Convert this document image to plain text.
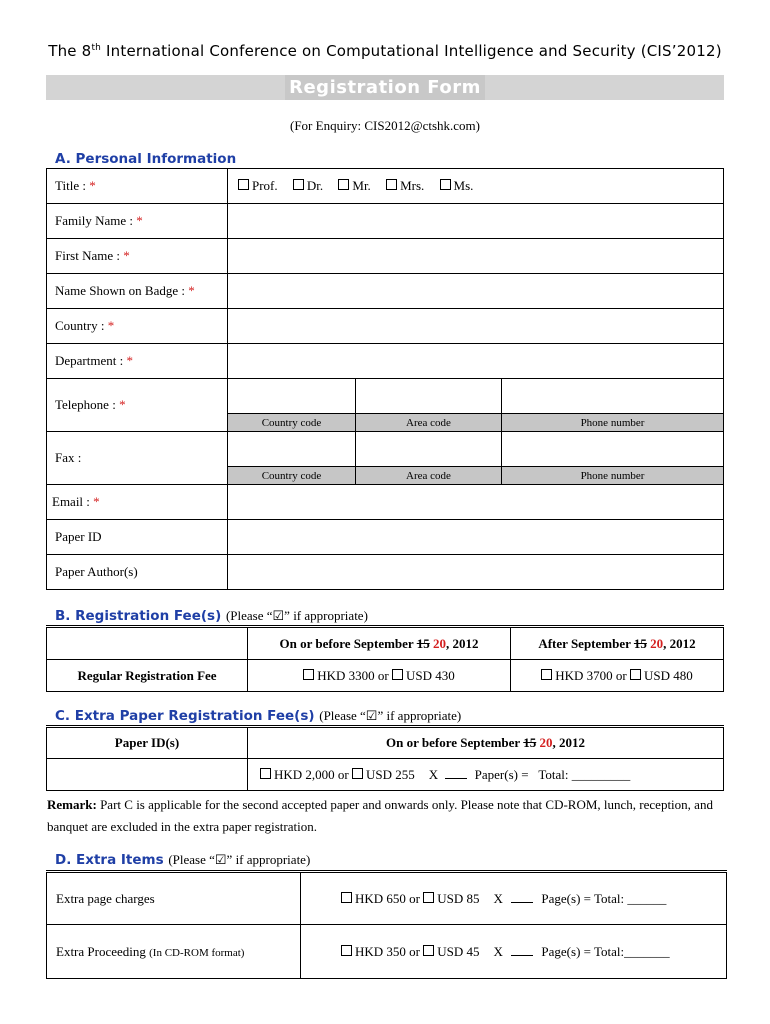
The 8th International Conference on Computational Intelligence and Security (CIS’2012)
Registration Form
(For Enquiry: CIS2012@ctshk.com)
A. Personal Information
Title : *	Prof. Dr. Mr. Mrs. Ms.		
Family Name : *			
First Name : *			
Name Shown on Badge : *			
Country : *			
Department : *			
Telephone : *			
	Country code	Area code	Phone number
Fax :			
	Country code	Area code	Phone number
Email : *			
Paper ID			
Paper Author(s)			
B. Registration Fee(s) (Please “☑” if appropriate)
	On or before September 15 20, 2012	After September 15 20, 2012
Regular Registration Fee	HKD 3300 or USD 430	HKD 3700 or USD 480
C. Extra Paper Registration Fee(s) (Please “☑” if appropriate)
Paper ID(s)	On or before September 15 20, 2012
	HKD 2,000 or USD 255 X Paper(s) = Total: _________
Remark: Part C is applicable for the second accepted paper and onwards only. Please note that CD-ROM, lunch, reception, and banquet are excluded in the extra paper registration.
D. Extra Items (Please “☑” if appropriate)
Extra page charges	HKD 650 or USD 85 X Page(s) = Total: ______
Extra Proceeding (In CD-ROM format)	HKD 350 or USD 45 X Page(s) = Total:_______
